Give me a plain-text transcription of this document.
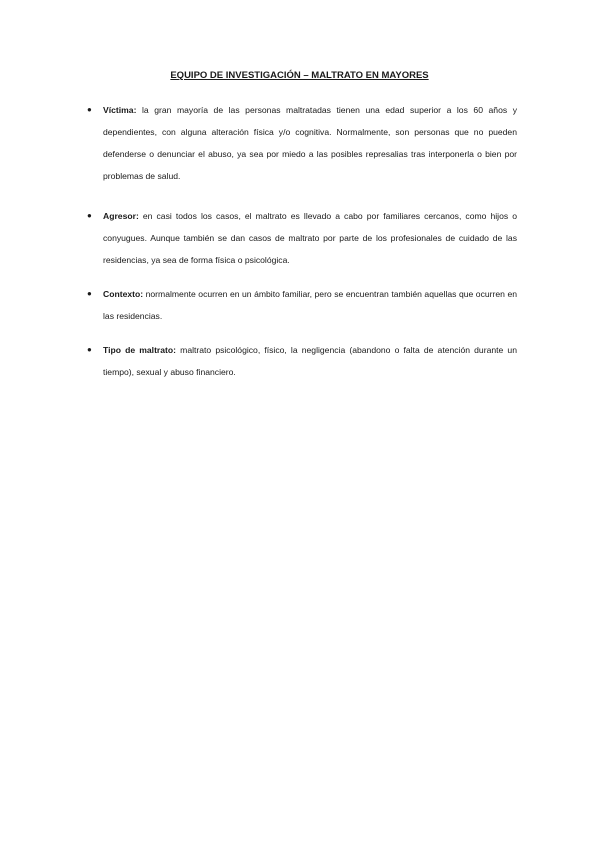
EQUIPO DE INVESTIGACIÓN – MALTRATO EN MAYORES
● Víctima: la gran mayoría de las personas maltratadas tienen una edad superior a los 60 años y dependientes, con alguna alteración física y/o cognitiva. Normalmente, son personas que no pueden defenderse o denunciar el abuso, ya sea por miedo a las posibles represalias tras interponerla o bien por problemas de salud.
● Agresor: en casi todos los casos, el maltrato es llevado a cabo por familiares cercanos, como hijos o conyugues. Aunque también se dan casos de maltrato por parte de los profesionales de cuidado de las residencias, ya sea de forma física o psicológica.
● Contexto: normalmente ocurren en un ámbito familiar, pero se encuentran también aquellas que ocurren en las residencias.
● Tipo de maltrato: maltrato psicológico, físico, la negligencia (abandono o falta de atención durante un tiempo), sexual y abuso financiero.
